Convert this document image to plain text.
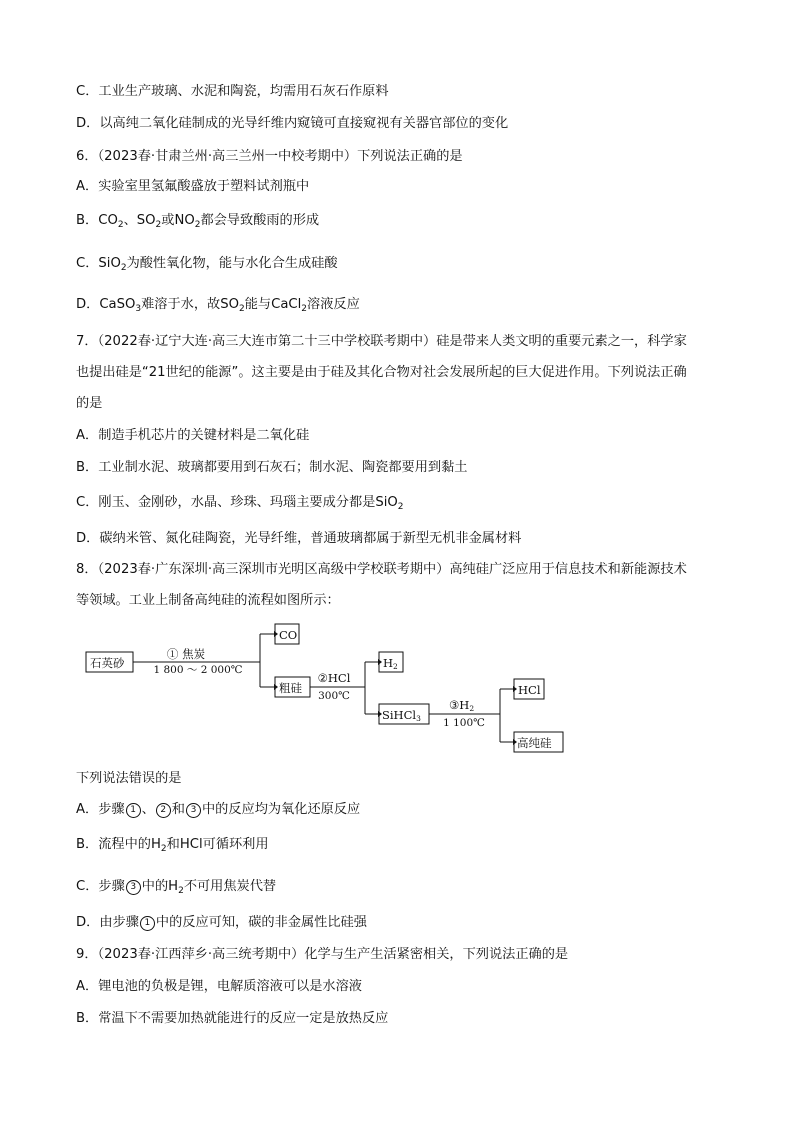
C．工业生产玻璃、水泥和陶瓷，均需用石灰石作原料
D．以高纯二氧化硅制成的光导纤维内窥镜可直接窥视有关器官部位的变化
6．（2023春·甘肃兰州·高三兰州一中校考期中）下列说法正确的是
A．实验室里氢氟酸盛放于塑料试剂瓶中
B．$CO_2$、$SO_2$或$NO_2$都会导致酸雨的形成
C．SiO$_2$为酸性氧化物，能与水化合生成硅酸
D．CaSO$_3$难溶于水，故$SO_2$能与CaCl$_2$溶液反应
7．（2022春·辽宁大连·高三大连市第二十三中学校联考期中）硅是带来人类文明的重要元素之一，科学家
也提出硅是“21世纪的能源”。这主要是由于硅及其化合物对社会发展所起的巨大促进作用。下列说法正确
的是
A．制造手机芯片的关键材料是二氧化硅
B．工业制水泥、玻璃都要用到石灰石；制水泥、陶瓷都要用到黏土
C．刚玉、金刚砂，水晶、珍珠、玛瑙主要成分都是SiO$_2$
D．碳纳米管、氮化硅陶瓷，光导纤维，普通玻璃都属于新型无机非金属材料
8．（2023春·广东深圳·高三深圳市光明区高级中学校联考期中）高纯硅广泛应用于信息技术和新能源技术
等领域。工业上制备高纯硅的流程如图所示：
石英砂
① 焦炭
1 800 ～ 2 000℃
CO
粗硅
②HCl
300℃
H2
SiHCl3
③H2
1 100℃
HCl
高纯硅
下列说法错误的是
A．步骤 1 、 2 和 3 中的反应均为氧化还原反应
B．流程中的$H_2$和HCl可循环利用
C．步骤 3 中的$H_2$不可用焦炭代替
D．由步骤 1 中的反应可知，碳的非金属性比硅强
9．（2023春·江西萍乡·高三统考期中）化学与生产生活紧密相关，下列说法正确的是
A．锂电池的负极是锂，电解质溶液可以是水溶液
B．常温下不需要加热就能进行的反应一定是放热反应
